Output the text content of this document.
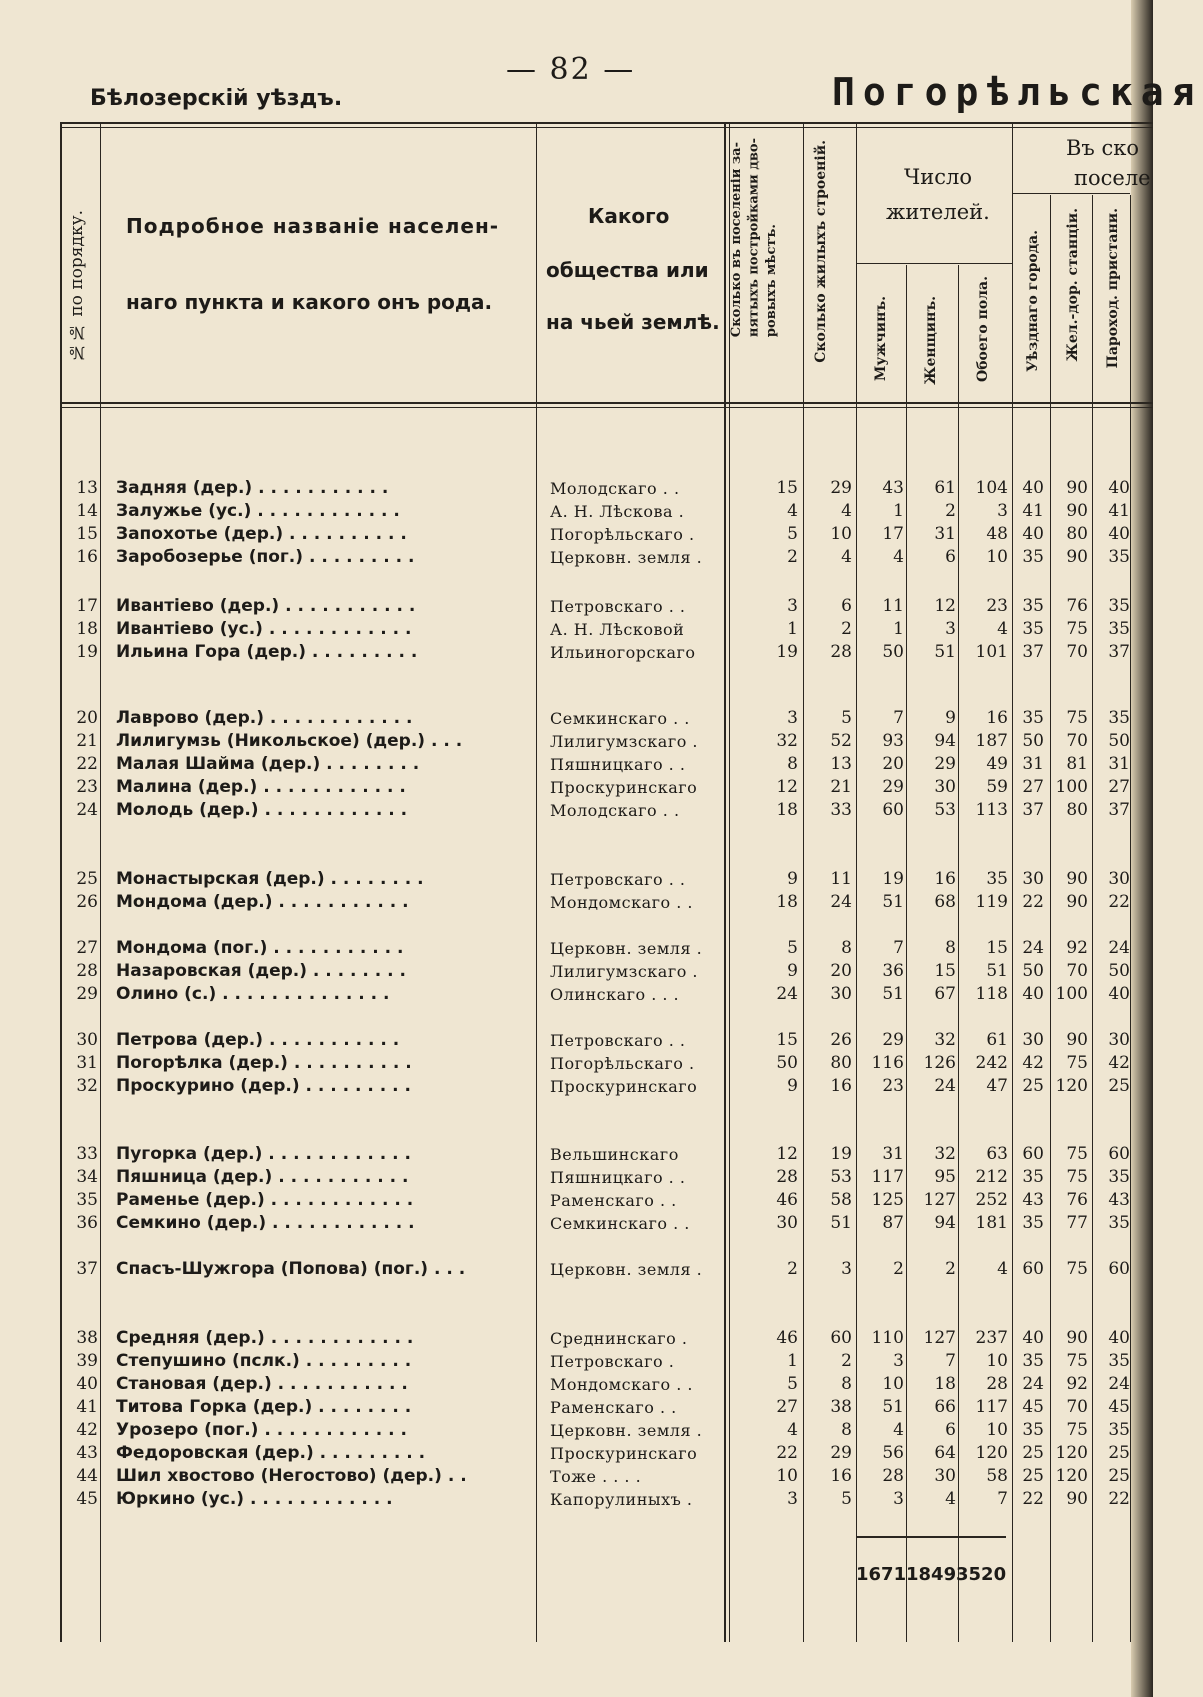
— 82 —
Бѣлозерскій уѣздъ.	Погорѣльская
№№ по порядку. Подробное названіе населен-
наго пункта и какого онъ рода.
Какого
общества или
на чьей землѣ. Сколько въ поселеніи за-
нятыхъ постройками дво-
ровыхъ мѣстъ. Сколько жилыхъ строеній.	Число
жителей.
Мужчинъ. Женщинъ.	Обоего пола.
Въ ско
поселе
Уѣзднаго города. Жел.-дор. станціи. Пароход. пристани.
13 Задняя (дер.) . . . . . . . . . . .	Молодскаго . .	15	29	43	61	104 40	90	40
14 Залужье (ус.) . . . . . . . . . . . .	А. Н. Лѣскова .	4	4	1	2	3 41	90	41
15 Запохотье (дер.) . . . . . . . . . .	Погорѣльскаго .	5	10	17	31	48 40	80	40
16 Заробозерье (пог.) . . . . . . . . .	Церковн. земля .	2	4	4	6	10 35	90	35
17 Ивантіево (дер.) . . . . . . . . . . .	Петровскаго . .	3	6	11	12	23 35	76	35
18 Ивантіево (ус.) . . . . . . . . . . . .	А. Н. Лѣсковой	1	2	1	3	4 35	75	35
19 Ильина Гора (дер.) . . . . . . . . .	Ильиногорскаго	19	28	50	51	101 37	70	37
20 Лаврово (дер.) . . . . . . . . . . . .	Семкинскаго . .	3	5	7	9	16 35	75	35
21 Лилигумзь (Никольское) (дер.) . . .	Лилигумзскаго .	32	52	93	94	187 50	70	50
22 Малая Шайма (дер.) . . . . . . . .	Пяшницкаго . .	8	13	20	29	49 31	81	31
23 Малина (дер.) . . . . . . . . . . . .	Проскуринскаго	12	21	29	30	59 27 100	27
24 Молодь (дер.) . . . . . . . . . . . .	Молодскаго . .	18	33	60	53	113 37	80	37
25 Монастырская (дер.) . . . . . . . .	Петровскаго . .	9	11	19	16	35 30	90	30
26 Мондома (дер.) . . . . . . . . . . .	Мондомскаго . .	18	24	51	68	119 22	90	22
27 Мондома (пог.) . . . . . . . . . . .	Церковн. земля .	5	8	7	8	15 24	92	24
28 Назаровская (дер.) . . . . . . . .	Лилигумзскаго .	9	20	36	15	51 50	70	50
29 Олино (с.) . . . . . . . . . . . . . .	Олинскаго . . .	24	30	51	67	118 40 100	40
30 Петрова (дер.) . . . . . . . . . . .	Петровскаго . .	15	26	29	32	61 30	90	30
31 Погорѣлка (дер.) . . . . . . . . . .	Погорѣльскаго .	50	80	116	126	242 42	75	42
32 Проскурино (дер.) . . . . . . . . .	Проскуринскаго	9	16	23	24	47 25 120	25
33 Пугорка (дер.) . . . . . . . . . . . .	Вельшинскаго	12	19	31	32	63 60	75	60
34 Пяшница (дер.) . . . . . . . . . . .	Пяшницкаго . .	28	53	117	95	212 35	75	35
35 Раменье (дер.) . . . . . . . . . . . .	Раменскаго . .	46	58	125	127	252 43	76	43
36 Семкино (дер.) . . . . . . . . . . . .	Семкинскаго . .	30	51	87	94	181 35	77	35
37 Спасъ-Шужгора (Попова) (пог.) . . .	Церковн. земля .	2	3	2	2	4 60	75	60
38 Средняя (дер.) . . . . . . . . . . . .	Среднинскаго .	46	60	110	127	237 40	90	40
39 Степушино (пслк.) . . . . . . . . .	Петровскаго .	1	2	3	7	10 35	75	35
40 Становая (дер.) . . . . . . . . . . .	Мондомскаго . .	5	8	10	18	28 24	92	24
41 Титова Горка (дер.) . . . . . . . .	Раменскаго . .	27	38	51	66	117 45	70	45
42 Урозеро (пог.) . . . . . . . . . . . .	Церковн. земля .	4	8	4	6	10 35	75	35
43 Федоровская (дер.) . . . . . . . . .	Проскуринскаго	22	29	56	64	120 25 120	25
44 Шил хвостово (Негостово) (дер.) . .	Тоже . . . .	10	16	28	30	58 25 120	25
45 Юркино (ус.) . . . . . . . . . . . .	Капорулиныхъ .	3	5	3	4	7 22	90	22
1671 1849 3520
